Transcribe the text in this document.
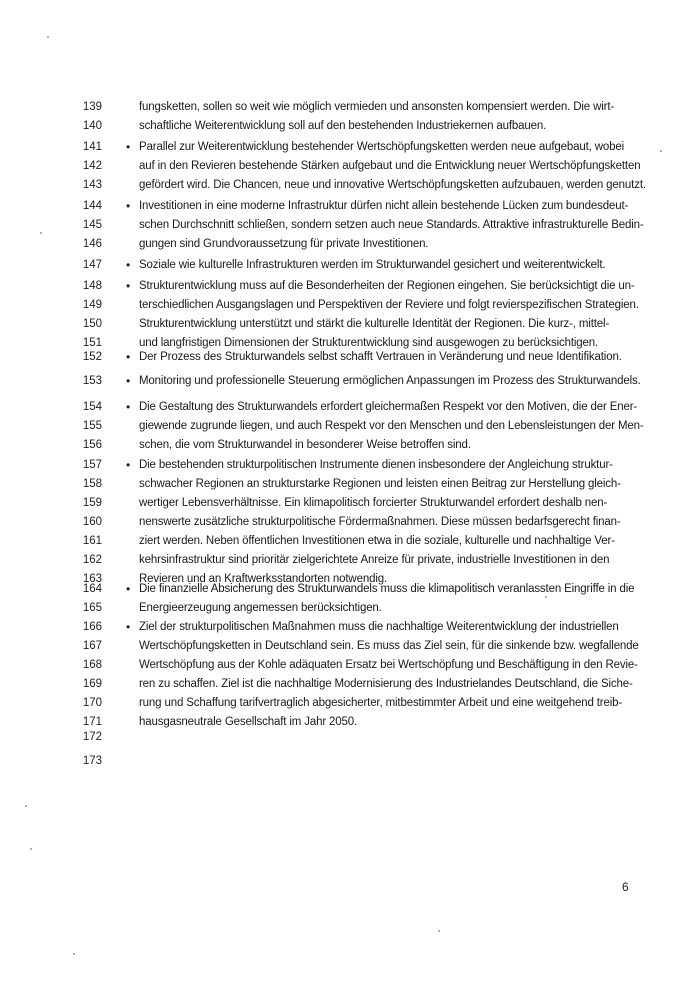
139	fungsketten, sollen so weit wie möglich vermieden und ansonsten kompensiert werden. Die wirt-
140	schaftliche Weiterentwicklung soll auf den bestehenden Industriekernen aufbauen.
•
141	Parallel zur Weiterentwicklung bestehender Wertschöpfungsketten werden neue aufgebaut, wobei
142	auf in den Revieren bestehende Stärken aufgebaut und die Entwicklung neuer Wertschöpfungsketten
143	gefördert wird. Die Chancen, neue und innovative Wertschöpfungsketten aufzubauen, werden genutzt.
•
144	Investitionen in eine moderne Infrastruktur dürfen nicht allein bestehende Lücken zum bundesdeut-
145	schen Durchschnitt schließen, sondern setzen auch neue Standards. Attraktive infrastrukturelle Bedin-
146	gungen sind Grundvoraussetzung für private Investitionen.
•
147	Soziale wie kulturelle Infrastrukturen werden im Strukturwandel gesichert und weiterentwickelt.
•
148	Strukturentwicklung muss auf die Besonderheiten der Regionen eingehen. Sie berücksichtigt die un-
149	terschiedlichen Ausgangslagen und Perspektiven der Reviere und folgt revierspezifischen Strategien.
150	Strukturentwicklung unterstützt und stärkt die kulturelle Identität der Regionen. Die kurz-, mittel-
151	und langfristigen Dimensionen der Strukturentwicklung sind ausgewogen zu berücksichtigen.
•
152	Der Prozess des Strukturwandels selbst schafft Vertrauen in Veränderung und neue Identifikation.
•
153	Monitoring und professionelle Steuerung ermöglichen Anpassungen im Prozess des Strukturwandels.
•
154	Die Gestaltung des Strukturwandels erfordert gleichermaßen Respekt vor den Motiven, die der Ener-
155	giewende zugrunde liegen, und auch Respekt vor den Menschen und den Lebensleistungen der Men-
156	schen, die vom Strukturwandel in besonderer Weise betroffen sind.
•
157	Die bestehenden strukturpolitischen Instrumente dienen insbesondere der Angleichung struktur-
158	schwacher Regionen an strukturstarke Regionen und leisten einen Beitrag zur Herstellung gleich-
159	wertiger Lebensverhältnisse. Ein klimapolitisch forcierter Strukturwandel erfordert deshalb nen-
160	nenswerte zusätzliche strukturpolitische Fördermaßnahmen. Diese müssen bedarfsgerecht finan-
161	ziert werden. Neben öffentlichen Investitionen etwa in die soziale, kulturelle und nachhaltige Ver-
162	kehrsinfrastruktur sind prioritär zielgerichtete Anreize für private, industrielle Investitionen in den
163	Revieren und an Kraftwerksstandorten notwendig.
•
164	Die finanzielle Absicherung des Strukturwandels muss die klimapolitisch veranlassten Eingriffe in die
165	Energieerzeugung angemessen berücksichtigen.
•
166	Ziel der strukturpolitischen Maßnahmen muss die nachhaltige Weiterentwicklung der industriellen
167	Wertschöpfungsketten in Deutschland sein. Es muss das Ziel sein, für die sinkende bzw. wegfallende
168	Wertschöpfung aus der Kohle adäquaten Ersatz bei Wertschöpfung und Beschäftigung in den Revie-
169	ren zu schaffen. Ziel ist die nachhaltige Modernisierung des Industrielandes Deutschland, die Siche-
170	rung und Schaffung tarifvertraglich abgesicherter, mitbestimmter Arbeit und eine weitgehend treib-
171	hausgasneutrale Gesellschaft im Jahr 2050.
172
173
6
